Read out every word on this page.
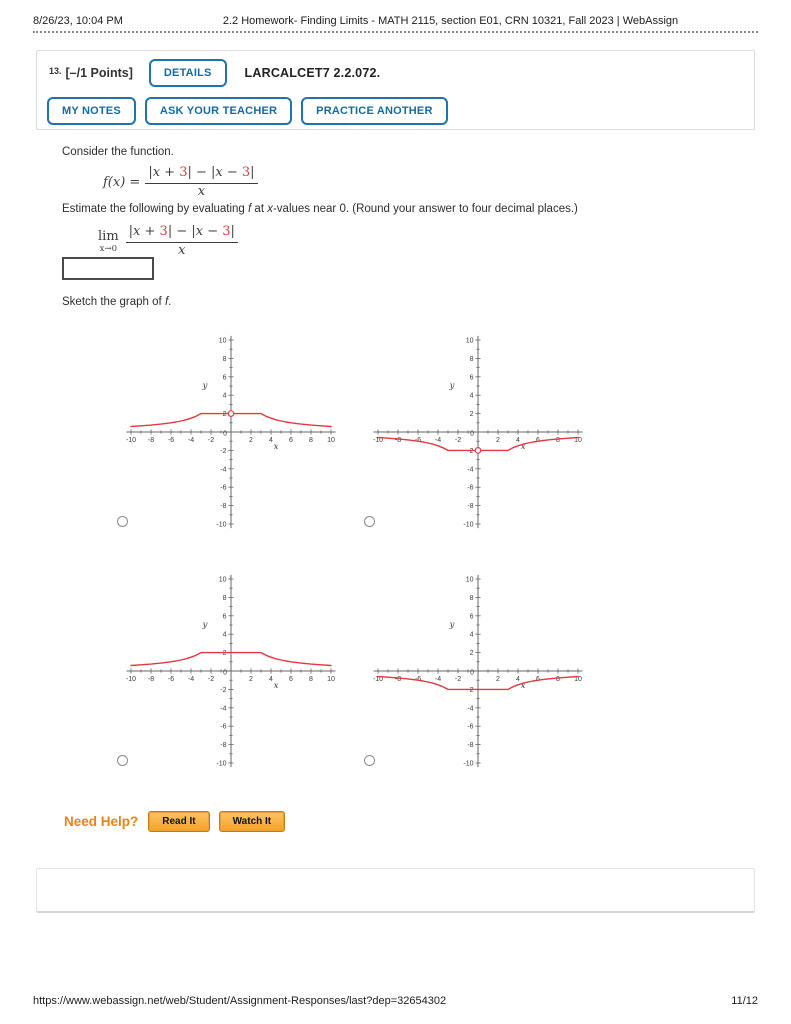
8/26/23, 10:04 PM	2.2 Homework- Finding Limits - MATH 2115, section E01, CRN 10321, Fall 2023 | WebAssign
13. [–/1 Points]	DETAILS	LARCALCET7 2.2.072.
MY NOTES	ASK YOUR TEACHER	PRACTICE ANOTHER
Consider the function.
$f(x) = \frac{|x + 3| - |x - 3|}{x}$
Estimate the following by evaluating f at x-values near 0. (Round your answer to four decimal places.)
lim
$x\to 0 \frac{|x + 3| - |x - 3|}{x}$
Sketch the graph of f.
-10
-10
-8
-8
-6
-6
-4
-4
-2
-2
2
2
4
4
6
6
8
8
10
10
0
y
x
-10
-10
-8
-8
-6
-6
-4
-4
-2
-2
2
2
4
4
6
6
8
8
10
10
0
y
x
-10
-10
-8
-8
-6
-6
-4
-4
-2
-2
2
2
4
4
6
6
8
8
10
10
0
y
x
-10
-10
-8
-8
-6
-6
-4
-4
-2
-2
2
2
4
4
6
6
8
8
10
10
0
y
x
Need Help?	Read It	Watch It
https://www.webassign.net/web/Student/Assignment-Responses/last?dep=32654302	11/12
